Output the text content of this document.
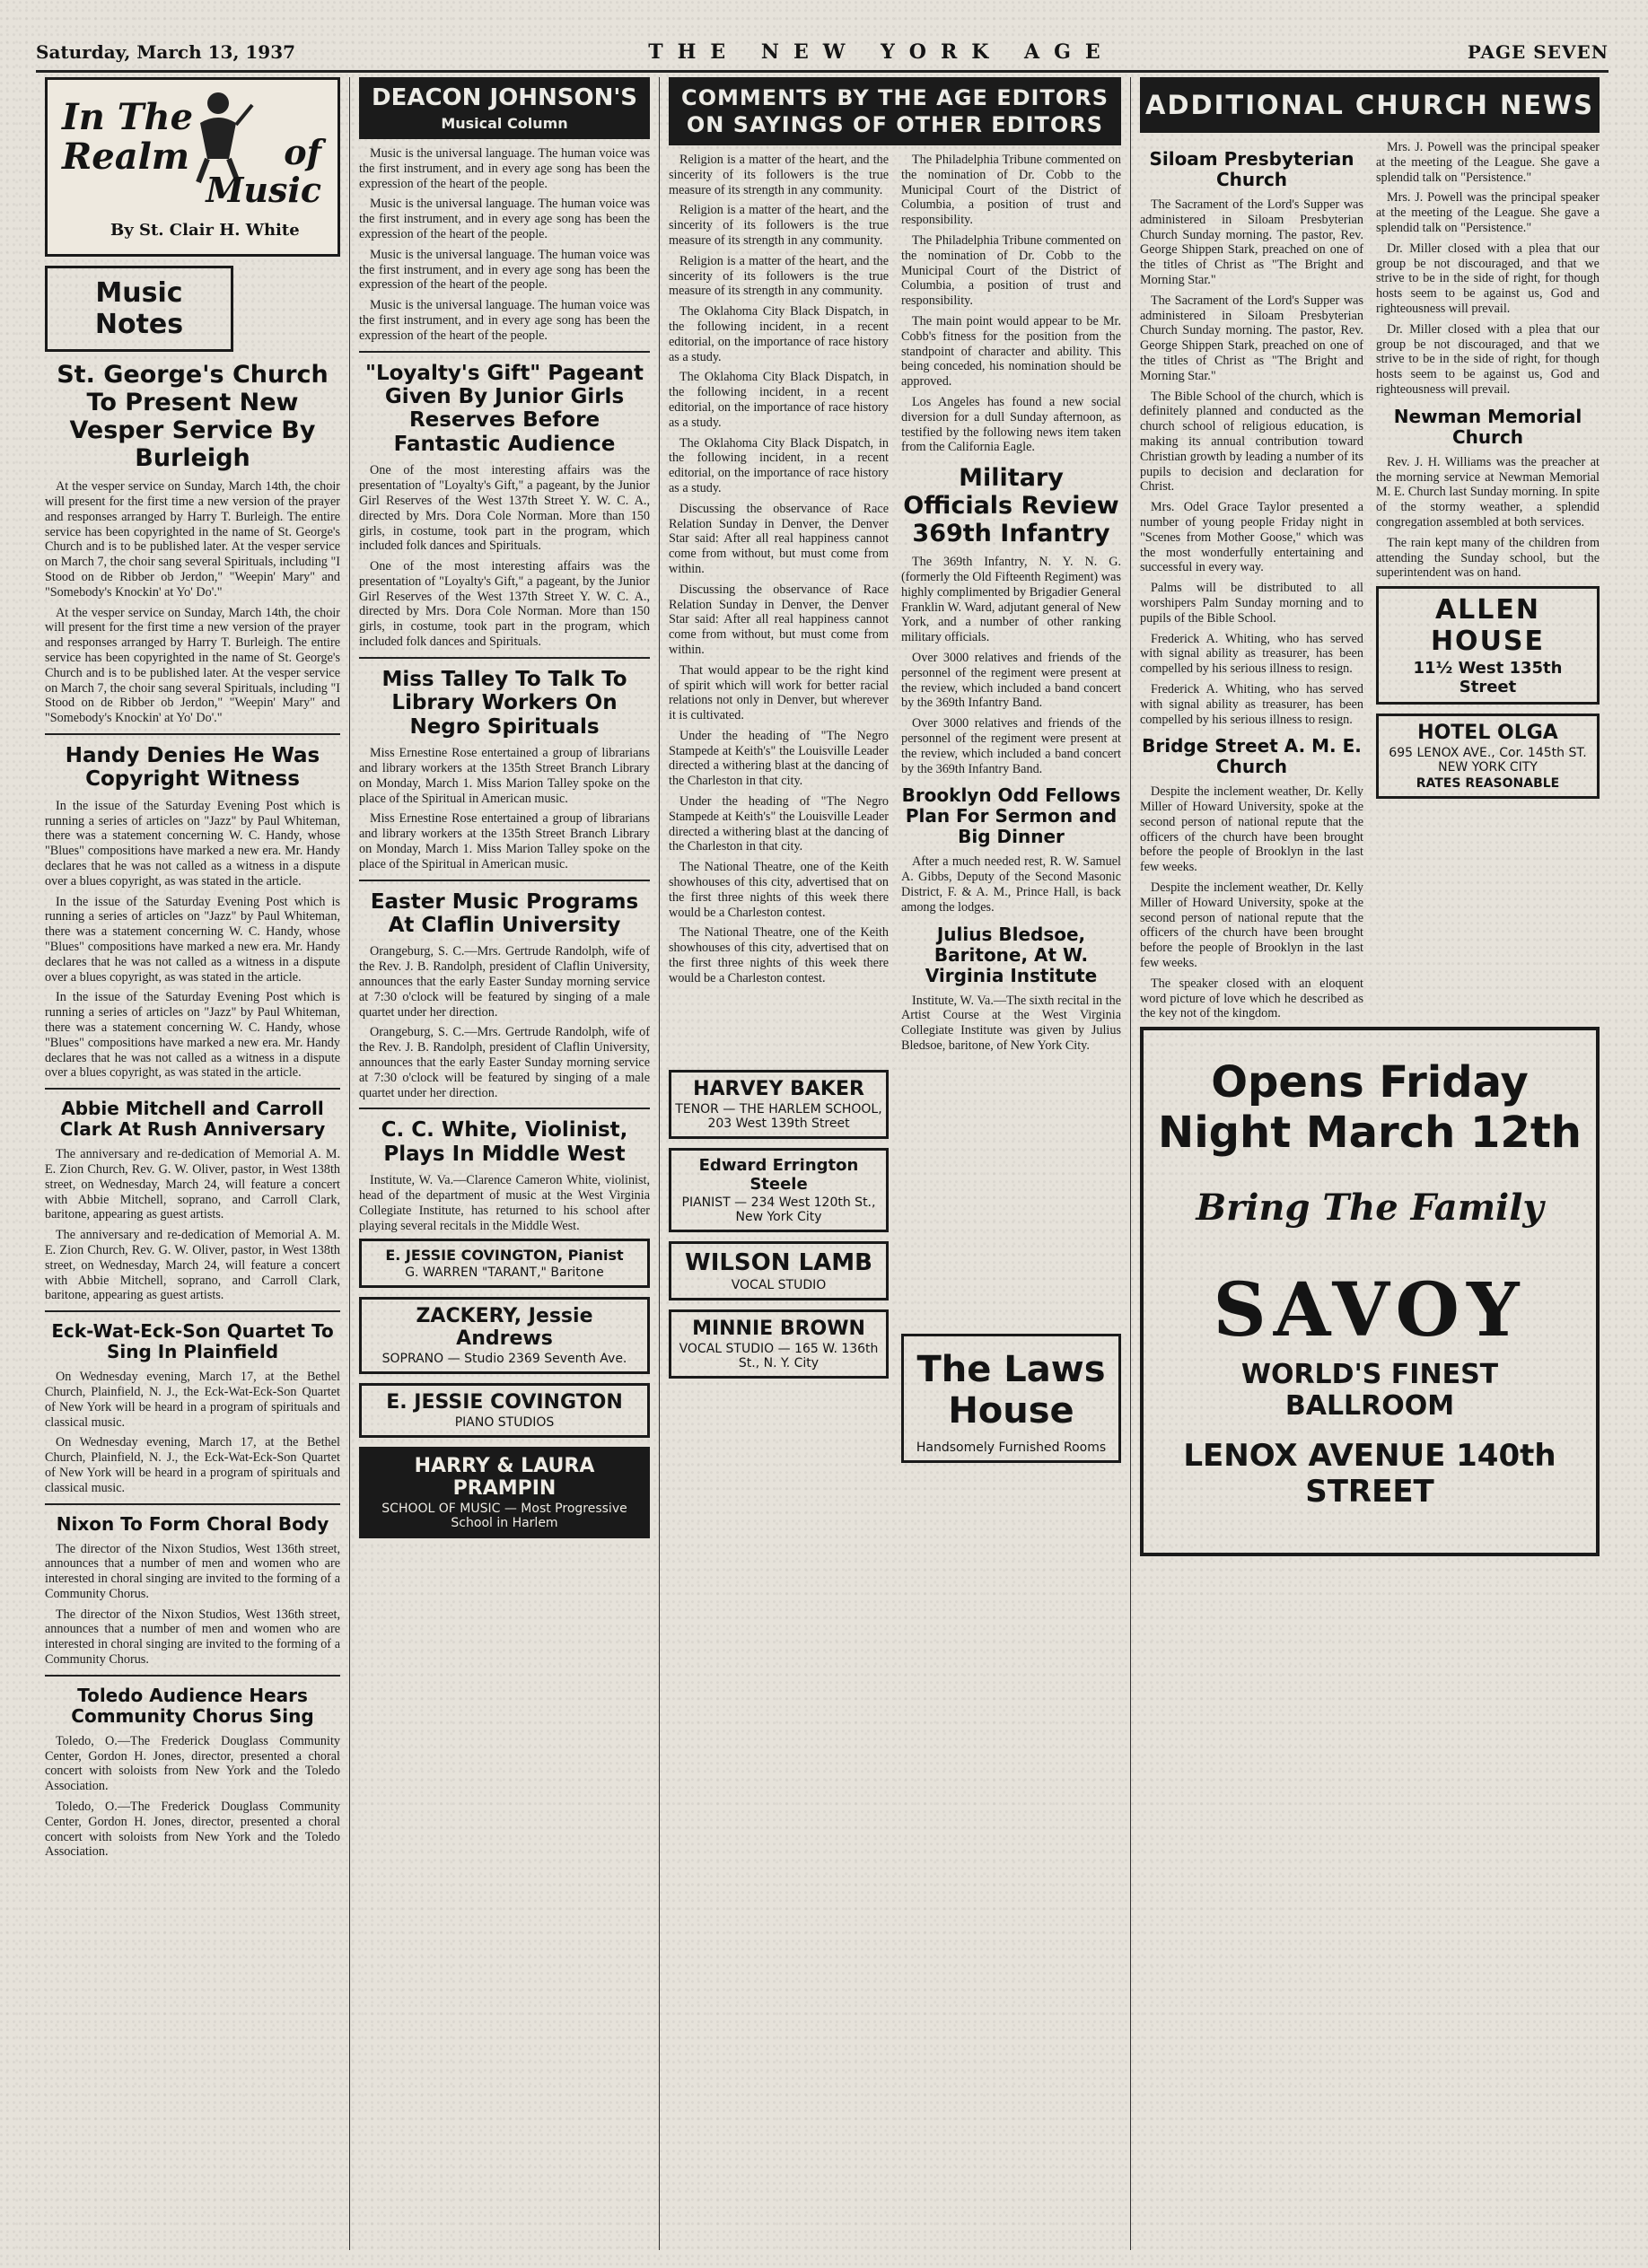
Saturday, March 13, 1937	THE NEW YORK AGE	PAGE SEVEN
In The
Realm	of
Music
By St. Clair H. White
Music Notes
St. George's Church To Present New Vesper Service By Burleigh

At the vesper service on Sunday, March 14th, the choir will present for the first time a new version of the prayer and responses arranged by Harry T. Burleigh. The entire service has been copyrighted in the name of St. George's Church and is to be published later. At the vesper service on March 7, the choir sang several Spirituals, including "I Stood on de Ribber ob Jerdon," "Weepin' Mary" and "Somebody's Knockin' at Yo' Do'."

At the vesper service on Sunday, March 14th, the choir will present for the first time a new version of the prayer and responses arranged by Harry T. Burleigh. The entire service has been copyrighted in the name of St. George's Church and is to be published later. At the vesper service on March 7, the choir sang several Spirituals, including "I Stood on de Ribber ob Jerdon," "Weepin' Mary" and "Somebody's Knockin' at Yo' Do'."

Handy Denies He Was Copyright Witness

In the issue of the Saturday Evening Post which is running a series of articles on "Jazz" by Paul Whiteman, there was a statement concerning W. C. Handy, whose "Blues" compositions have marked a new era. Mr. Handy declares that he was not called as a witness in a dispute over a blues copyright, as was stated in the article.

In the issue of the Saturday Evening Post which is running a series of articles on "Jazz" by Paul Whiteman, there was a statement concerning W. C. Handy, whose "Blues" compositions have marked a new era. Mr. Handy declares that he was not called as a witness in a dispute over a blues copyright, as was stated in the article.

In the issue of the Saturday Evening Post which is running a series of articles on "Jazz" by Paul Whiteman, there was a statement concerning W. C. Handy, whose "Blues" compositions have marked a new era. Mr. Handy declares that he was not called as a witness in a dispute over a blues copyright, as was stated in the article.

Abbie Mitchell and Carroll Clark At Rush Anniversary

The anniversary and re-dedication of Memorial A. M. E. Zion Church, Rev. G. W. Oliver, pastor, in West 138th street, on Wednesday, March 24, will feature a concert with Abbie Mitchell, soprano, and Carroll Clark, baritone, appearing as guest artists.

The anniversary and re-dedication of Memorial A. M. E. Zion Church, Rev. G. W. Oliver, pastor, in West 138th street, on Wednesday, March 24, will feature a concert with Abbie Mitchell, soprano, and Carroll Clark, baritone, appearing as guest artists.

Eck-Wat-Eck-Son Quartet To Sing In Plainfield

On Wednesday evening, March 17, at the Bethel Church, Plainfield, N. J., the Eck-Wat-Eck-Son Quartet of New York will be heard in a program of spirituals and classical music.

On Wednesday evening, March 17, at the Bethel Church, Plainfield, N. J., the Eck-Wat-Eck-Son Quartet of New York will be heard in a program of spirituals and classical music.

Nixon To Form Choral Body

The director of the Nixon Studios, West 136th street, announces that a number of men and women who are interested in choral singing are invited to the forming of a Community Chorus.

The director of the Nixon Studios, West 136th street, announces that a number of men and women who are interested in choral singing are invited to the forming of a Community Chorus.

Toledo Audience Hears Community Chorus Sing

Toledo, O.—The Frederick Douglass Community Center, Gordon H. Jones, director, presented a choral concert with soloists from New York and the Toledo Association.

Toledo, O.—The Frederick Douglass Community Center, Gordon H. Jones, director, presented a choral concert with soloists from New York and the Toledo Association.

DEACON JOHNSON'S
Musical Column

Music is the universal language. The human voice was the first instrument, and in every age song has been the expression of the heart of the people.

Music is the universal language. The human voice was the first instrument, and in every age song has been the expression of the heart of the people.

Music is the universal language. The human voice was the first instrument, and in every age song has been the expression of the heart of the people.

Music is the universal language. The human voice was the first instrument, and in every age song has been the expression of the heart of the people.

"Loyalty's Gift" Pageant Given By Junior Girls Reserves Before Fantastic Audience

One of the most interesting affairs was the presentation of "Loyalty's Gift," a pageant, by the Junior Girl Reserves of the West 137th Street Y. W. C. A., directed by Mrs. Dora Cole Norman. More than 150 girls, in costume, took part in the program, which included folk dances and Spirituals.

One of the most interesting affairs was the presentation of "Loyalty's Gift," a pageant, by the Junior Girl Reserves of the West 137th Street Y. W. C. A., directed by Mrs. Dora Cole Norman. More than 150 girls, in costume, took part in the program, which included folk dances and Spirituals.

Miss Talley To Talk To Library Workers On Negro Spirituals

Miss Ernestine Rose entertained a group of librarians and library workers at the 135th Street Branch Library on Monday, March 1. Miss Marion Talley spoke on the place of the Spiritual in American music.

Miss Ernestine Rose entertained a group of librarians and library workers at the 135th Street Branch Library on Monday, March 1. Miss Marion Talley spoke on the place of the Spiritual in American music.

Easter Music Programs At Claflin University

Orangeburg, S. C.—Mrs. Gertrude Randolph, wife of the Rev. J. B. Randolph, president of Claflin University, announces that the early Easter Sunday morning service at 7:30 o'clock will be featured by singing of a male quartet under her direction.

Orangeburg, S. C.—Mrs. Gertrude Randolph, wife of the Rev. J. B. Randolph, president of Claflin University, announces that the early Easter Sunday morning service at 7:30 o'clock will be featured by singing of a male quartet under her direction.

C. C. White, Violinist, Plays In Middle West

Institute, W. Va.—Clarence Cameron White, violinist, head of the department of music at the West Virginia Collegiate Institute, has returned to his school after playing several recitals in the Middle West.

E. JESSIE COVINGTON, Pianist
G. WARREN "TARANT," Baritone
ZACKERY, Jessie Andrews
SOPRANO — Studio 2369 Seventh Ave.
E. JESSIE COVINGTON
PIANO STUDIOS
HARRY & LAURA PRAMPIN
SCHOOL OF MUSIC — Most Progressive School in Harlem
COMMENTS BY THE AGE EDITORS
ON SAYINGS OF OTHER EDITORS

Religion is a matter of the heart, and the sincerity of its followers is the true measure of its strength in any community.

Religion is a matter of the heart, and the sincerity of its followers is the true measure of its strength in any community.

Religion is a matter of the heart, and the sincerity of its followers is the true measure of its strength in any community.

The Oklahoma City Black Dispatch, in the following incident, in a recent editorial, on the importance of race history as a study.

The Oklahoma City Black Dispatch, in the following incident, in a recent editorial, on the importance of race history as a study.

The Oklahoma City Black Dispatch, in the following incident, in a recent editorial, on the importance of race history as a study.

Discussing the observance of Race Relation Sunday in Denver, the Denver Star said: After all real happiness cannot come from without, but must come from within.

Discussing the observance of Race Relation Sunday in Denver, the Denver Star said: After all real happiness cannot come from without, but must come from within.

That would appear to be the right kind of spirit which will work for better racial relations not only in Denver, but wherever it is cultivated.

Under the heading of "The Negro Stampede at Keith's" the Louisville Leader directed a withering blast at the dancing of the Charleston in that city.

Under the heading of "The Negro Stampede at Keith's" the Louisville Leader directed a withering blast at the dancing of the Charleston in that city.

The National Theatre, one of the Keith showhouses of this city, advertised that on the first three nights of this week there would be a Charleston contest.

The National Theatre, one of the Keith showhouses of this city, advertised that on the first three nights of this week there would be a Charleston contest.

The Philadelphia Tribune commented on the nomination of Dr. Cobb to the Municipal Court of the District of Columbia, a position of trust and responsibility.

The Philadelphia Tribune commented on the nomination of Dr. Cobb to the Municipal Court of the District of Columbia, a position of trust and responsibility.

The main point would appear to be Mr. Cobb's fitness for the position from the standpoint of character and ability. This being conceded, his nomination should be approved.

Los Angeles has found a new social diversion for a dull Sunday afternoon, as testified by the following news item taken from the California Eagle.

Military Officials Review 369th Infantry

The 369th Infantry, N. Y. N. G. (formerly the Old Fifteenth Regiment) was highly complimented by Brigadier General Franklin W. Ward, adjutant general of New York, and a number of other ranking military officials.

Over 3000 relatives and friends of the personnel of the regiment were present at the review, which included a band concert by the 369th Infantry Band.

Over 3000 relatives and friends of the personnel of the regiment were present at the review, which included a band concert by the 369th Infantry Band.

Brooklyn Odd Fellows Plan For Sermon and Big Dinner

After a much needed rest, R. W. Samuel A. Gibbs, Deputy of the Second Masonic District, F. & A. M., Prince Hall, is back among the lodges.

Julius Bledsoe, Baritone, At W. Virginia Institute

Institute, W. Va.—The sixth recital in the Artist Course at the West Virginia Collegiate Institute was given by Julius Bledsoe, baritone, of New York City.

HARVEY BAKER
TENOR — THE HARLEM SCHOOL, 203 West 139th Street
Edward Errington Steele
PIANIST — 234 West 120th St., New York City
WILSON LAMB
VOCAL STUDIO
MINNIE BROWN
VOCAL STUDIO — 165 W. 136th St., N. Y. City	The Laws House
Handsomely Furnished Rooms
ADDITIONAL CHURCH NEWS
Siloam Presbyterian Church

The Sacrament of the Lord's Supper was administered in Siloam Presbyterian Church Sunday morning. The pastor, Rev. George Shippen Stark, preached on one of the titles of Christ as "The Bright and Morning Star."

The Sacrament of the Lord's Supper was administered in Siloam Presbyterian Church Sunday morning. The pastor, Rev. George Shippen Stark, preached on one of the titles of Christ as "The Bright and Morning Star."

The Bible School of the church, which is definitely planned and conducted as the church school of religious education, is making its annual contribution toward Christian growth by leading a number of its pupils to decision and declaration for Christ.

Mrs. Odel Grace Taylor presented a number of young people Friday night in "Scenes from Mother Goose," which was the most wonderfully entertaining and successful in every way.

Palms will be distributed to all worshipers Palm Sunday morning and to pupils of the Bible School.

Frederick A. Whiting, who has served with signal ability as treasurer, has been compelled by his serious illness to resign.

Frederick A. Whiting, who has served with signal ability as treasurer, has been compelled by his serious illness to resign.

Bridge Street A. M. E. Church

Despite the inclement weather, Dr. Kelly Miller of Howard University, spoke at the second person of national repute that the officers of the church have been brought before the people of Brooklyn in the last few weeks.

Despite the inclement weather, Dr. Kelly Miller of Howard University, spoke at the second person of national repute that the officers of the church have been brought before the people of Brooklyn in the last few weeks.

The speaker closed with an eloquent word picture of love which he described as the key not of the kingdom.

Mrs. J. Powell was the principal speaker at the meeting of the League. She gave a splendid talk on "Persistence."

Mrs. J. Powell was the principal speaker at the meeting of the League. She gave a splendid talk on "Persistence."

Dr. Miller closed with a plea that our group be not discouraged, and that we strive to be in the side of right, for though hosts seem to be against us, God and righteousness will prevail.

Dr. Miller closed with a plea that our group be not discouraged, and that we strive to be in the side of right, for though hosts seem to be against us, God and righteousness will prevail.

Newman Memorial Church

Rev. J. H. Williams was the preacher at the morning service at Newman Memorial M. E. Church last Sunday morning. In spite of the stormy weather, a splendid congregation assembled at both services.

The rain kept many of the children from attending the Sunday school, but the superintendent was on hand.

ALLEN HOUSE
11½ West 135th Street
HOTEL OLGA
695 LENOX AVE., Cor. 145th ST. NEW YORK CITY
RATES REASONABLE
Opens Friday Night March 12th
Bring The Family
SAVOY
WORLD'S FINEST BALLROOM
LENOX AVENUE 140th STREET
